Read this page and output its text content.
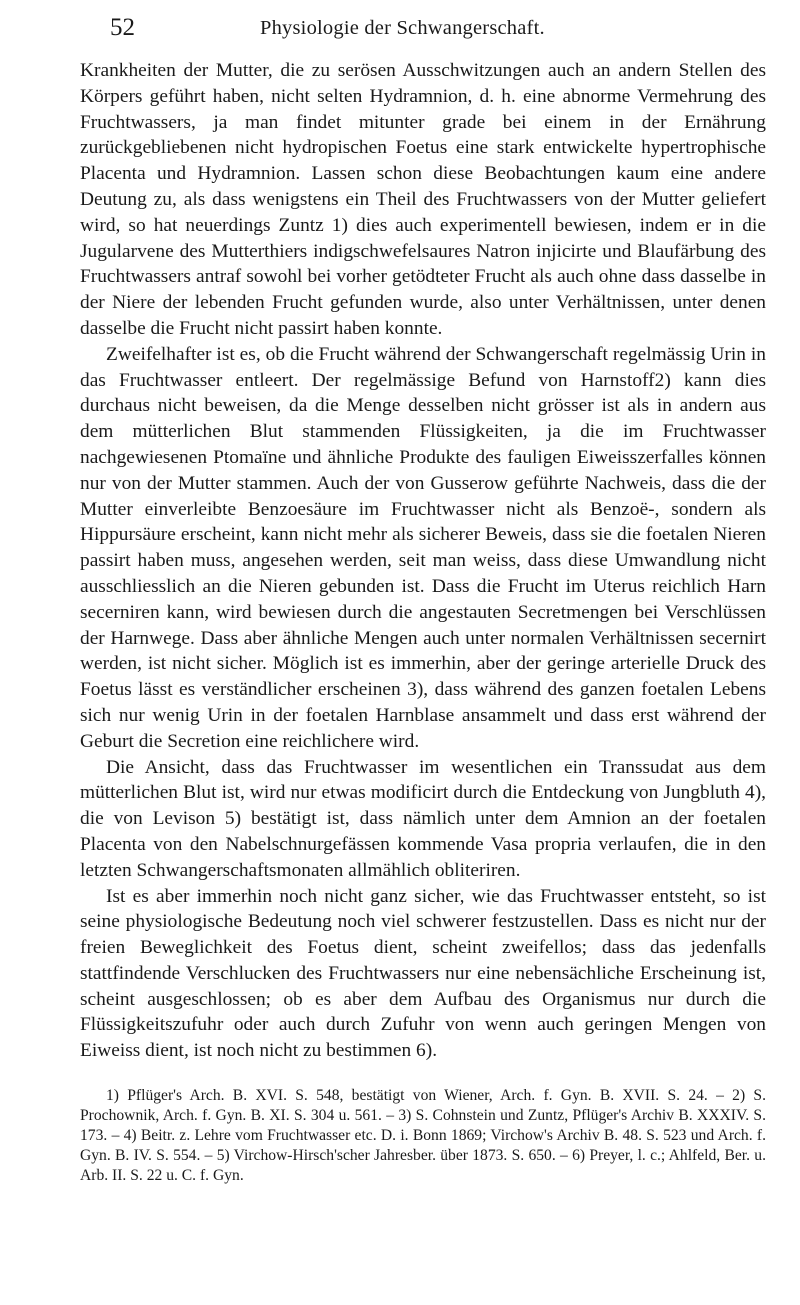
52	Physiologie der Schwangerschaft.

Krankheiten der Mutter, die zu serösen Ausschwitzungen auch an andern Stellen des Körpers geführt haben, nicht selten Hydramnion, d. h. eine abnorme Vermehrung des Fruchtwassers, ja man findet mitunter grade bei einem in der Ernährung zurückgebliebenen nicht hydropischen Foetus eine stark entwickelte hypertrophische Placenta und Hydramnion. Lassen schon diese Beobachtungen kaum eine andere Deutung zu, als dass wenigstens ein Theil des Fruchtwassers von der Mutter geliefert wird, so hat neuerdings Zuntz 1) dies auch experimentell bewiesen, indem er in die Jugularvene des Mutterthiers indigschwefelsaures Natron injicirte und Blaufärbung des Fruchtwassers antraf sowohl bei vorher getödteter Frucht als auch ohne dass dasselbe in der Niere der lebenden Frucht gefunden wurde, also unter Verhältnissen, unter denen dasselbe die Frucht nicht passirt haben konnte.

Zweifelhafter ist es, ob die Frucht während der Schwangerschaft regelmässig Urin in das Fruchtwasser entleert. Der regelmässige Befund von Harnstoff2) kann dies durchaus nicht beweisen, da die Menge desselben nicht grösser ist als in andern aus dem mütterlichen Blut stammenden Flüssigkeiten, ja die im Fruchtwasser nachgewiesenen Ptomaïne und ähnliche Produkte des fauligen Eiweisszerfalles können nur von der Mutter stammen. Auch der von Gusserow geführte Nachweis, dass die der Mutter einverleibte Benzoesäure im Fruchtwasser nicht als Benzoë-, sondern als Hippursäure erscheint, kann nicht mehr als sicherer Beweis, dass sie die foetalen Nieren passirt haben muss, angesehen werden, seit man weiss, dass diese Umwandlung nicht ausschliesslich an die Nieren gebunden ist. Dass die Frucht im Uterus reichlich Harn secerniren kann, wird bewiesen durch die angestauten Secretmengen bei Verschlüssen der Harnwege. Dass aber ähnliche Mengen auch unter normalen Verhältnissen secernirt werden, ist nicht sicher. Möglich ist es immerhin, aber der geringe arterielle Druck des Foetus lässt es verständlicher erscheinen 3), dass während des ganzen foetalen Lebens sich nur wenig Urin in der foetalen Harnblase ansammelt und dass erst während der Geburt die Secretion eine reichlichere wird.

Die Ansicht, dass das Fruchtwasser im wesentlichen ein Transsudat aus dem mütterlichen Blut ist, wird nur etwas modificirt durch die Entdeckung von Jungbluth 4), die von Levison 5) bestätigt ist, dass nämlich unter dem Amnion an der foetalen Placenta von den Nabelschnurgefässen kommende Vasa propria verlaufen, die in den letzten Schwangerschaftsmonaten allmählich obliteriren.

Ist es aber immerhin noch nicht ganz sicher, wie das Fruchtwasser entsteht, so ist seine physiologische Bedeutung noch viel schwerer festzustellen. Dass es nicht nur der freien Beweglichkeit des Foetus dient, scheint zweifellos; dass das jedenfalls stattfindende Verschlucken des Fruchtwassers nur eine nebensächliche Erscheinung ist, scheint ausgeschlossen; ob es aber dem Aufbau des Organismus nur durch die Flüssigkeitszufuhr oder auch durch Zufuhr von wenn auch geringen Mengen von Eiweiss dient, ist noch nicht zu bestimmen 6).

1) Pflüger's Arch. B. XVI. S. 548, bestätigt von Wiener, Arch. f. Gyn. B. XVII. S. 24. – 2) S. Prochownik, Arch. f. Gyn. B. XI. S. 304 u. 561. – 3) S. Cohnstein und Zuntz, Pflüger's Archiv B. XXXIV. S. 173. – 4) Beitr. z. Lehre vom Fruchtwasser etc. D. i. Bonn 1869; Virchow's Archiv B. 48. S. 523 und Arch. f. Gyn. B. IV. S. 554. – 5) Virchow-Hirsch'scher Jahresber. über 1873. S. 650. – 6) Preyer, l. c.; Ahlfeld, Ber. u. Arb. II. S. 22 u. C. f. Gyn.
